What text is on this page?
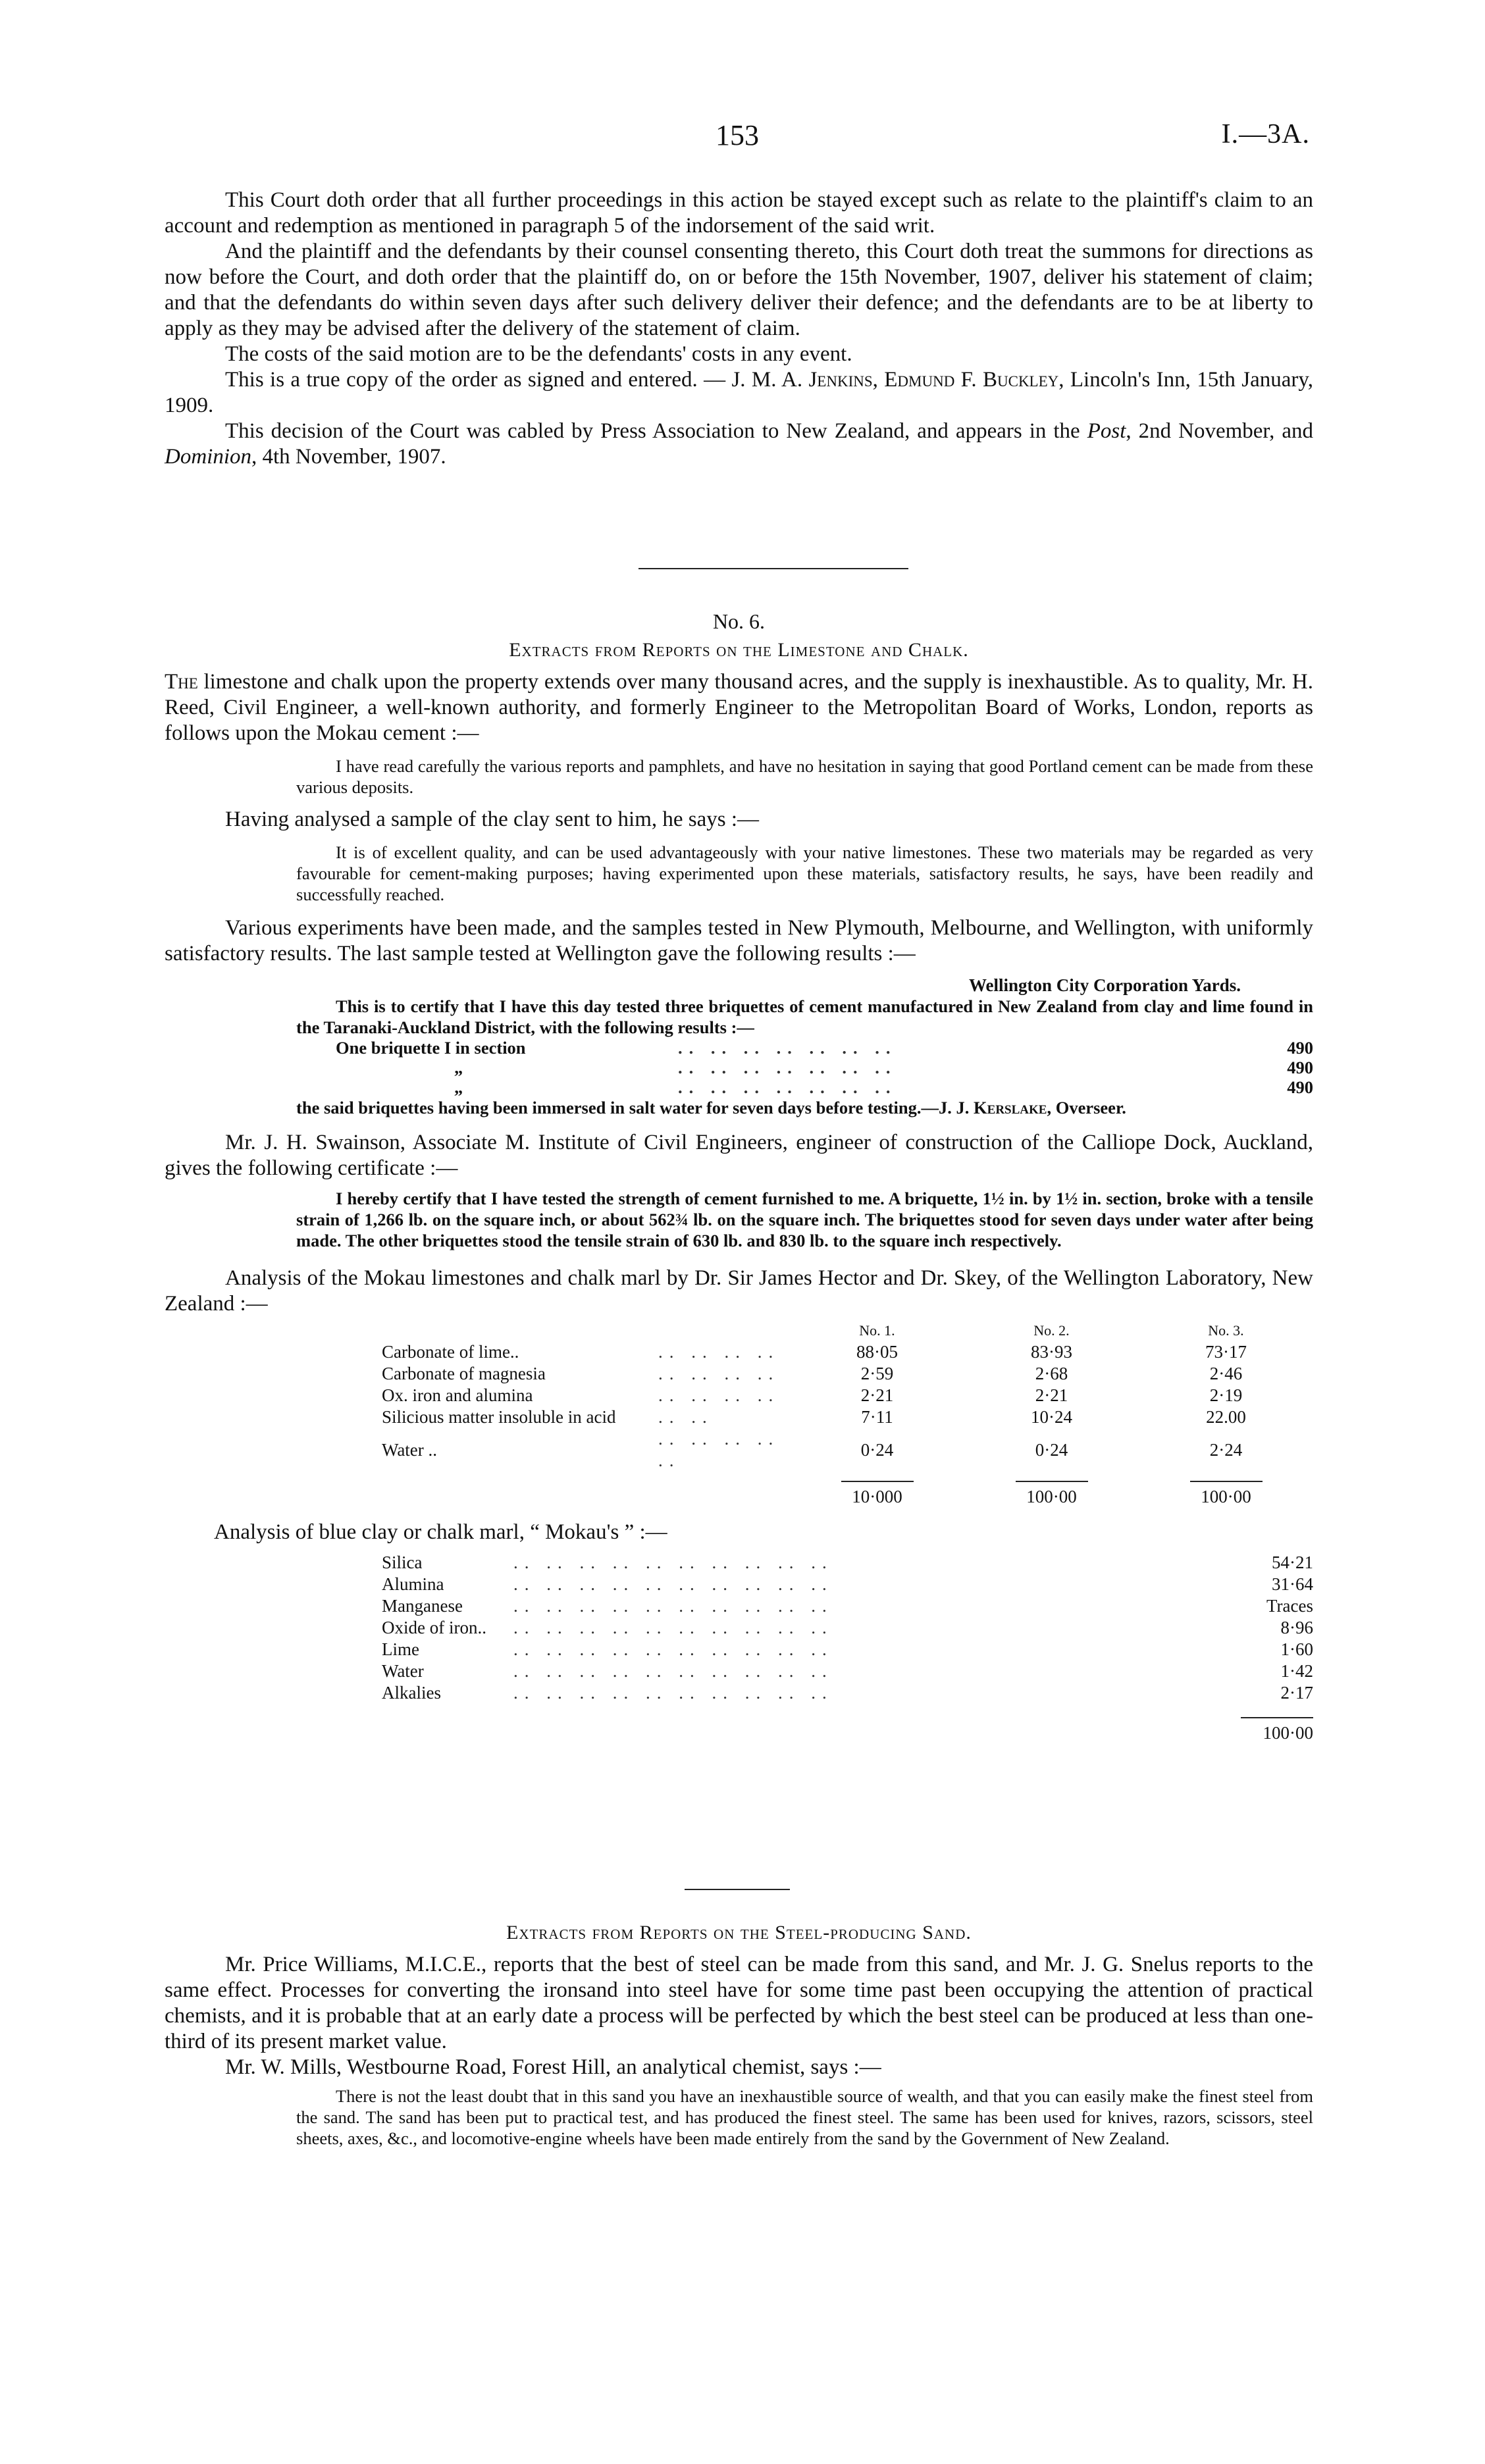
153	I.—3A.

This Court doth order that all further proceedings in this action be stayed except such as relate to the plaintiff's claim to an account and redemption as mentioned in paragraph 5 of the indorsement of the said writ.

And the plaintiff and the defendants by their counsel consenting thereto, this Court doth treat the summons for directions as now before the Court, and doth order that the plaintiff do, on or before the 15th November, 1907, deliver his statement of claim; and that the defendants do within seven days after such delivery deliver their defence; and the defendants are to be at liberty to apply as they may be advised after the delivery of the statement of claim.

The costs of the said motion are to be the defendants' costs in any event.

This is a true copy of the order as signed and entered. — J. M. A. Jenkins, Edmund F. Buckley, Lincoln's Inn, 15th January, 1909.

This decision of the Court was cabled by Press Association to New Zealand, and appears in the Post, 2nd November, and Dominion, 4th November, 1907.

No. 6.
Extracts from Reports on the Limestone and Chalk.

The limestone and chalk upon the property extends over many thousand acres, and the supply is inexhaustible. As to quality, Mr. H. Reed, Civil Engineer, a well-known authority, and formerly Engineer to the Metropolitan Board of Works, London, reports as follows upon the Mokau cement :—

I have read carefully the various reports and pamphlets, and have no hesitation in saying that good Portland cement can be made from these various deposits.

Having analysed a sample of the clay sent to him, he says :—

It is of excellent quality, and can be used advantageously with your native limestones. These two materials may be regarded as very favourable for cement-making purposes; having experimented upon these materials, satisfactory results, he says, have been readily and successfully reached.

Various experiments have been made, and the samples tested in New Plymouth, Melbourne, and Wellington, with uniformly satisfactory results. The last sample tested at Wellington gave the following results :—

Wellington City Corporation Yards.

This is to certify that I have this day tested three briquettes of cement manufactured in New Zealand from clay and lime found in the Taranaki-Auckland District, with the following results :—

One briquette I in section	.. .. .. .. .. .. ..	490
„	.. .. .. .. .. .. ..	490
„	.. .. .. .. .. .. ..	490

the said briquettes having been immersed in salt water for seven days before testing.—J. J. Kerslake, Overseer.

Mr. J. H. Swainson, Associate M. Institute of Civil Engineers, engineer of construction of the Calliope Dock, Auckland, gives the following certificate :—

I hereby certify that I have tested the strength of cement furnished to me. A briquette, 1½ in. by 1½ in. section, broke with a tensile strain of 1,266 lb. on the square inch, or about 562¾ lb. on the square inch. The briquettes stood for seven days under water after being made. The other briquettes stood the tensile strain of 630 lb. and 830 lb. to the square inch respectively.

Analysis of the Mokau limestones and chalk marl by Dr. Sir James Hector and Dr. Skey, of the Wellington Laboratory, New Zealand :—

		No. 1.	No. 2.	No. 3.
Carbonate of lime..	.. .. .. ..	88·05	83·93	73·17
Carbonate of magnesia	.. .. .. ..	2·59	2·68	2·46
Ox. iron and alumina	.. .. .. ..	2·21	2·21	2·19
Silicious matter insoluble in acid	.. ..	7·11	10·24	22.00
Water ..	.. .. .. .. ..	0·24	0·24	2·24
		10·000	100·00	100·00

Analysis of blue clay or chalk marl, “ Mokau's ” :—

Silica	.. .. .. .. .. .. .. .. .. ..	54·21
Alumina	.. .. .. .. .. .. .. .. .. ..	31·64
Manganese	.. .. .. .. .. .. .. .. .. ..	Traces
Oxide of iron..	.. .. .. .. .. .. .. .. .. ..	8·96
Lime	.. .. .. .. .. .. .. .. .. ..	1·60
Water	.. .. .. .. .. .. .. .. .. ..	1·42
Alkalies	.. .. .. .. .. .. .. .. .. ..	2·17
		100·00
Extracts from Reports on the Steel-producing Sand.

Mr. Price Williams, M.I.C.E., reports that the best of steel can be made from this sand, and Mr. J. G. Snelus reports to the same effect. Processes for converting the ironsand into steel have for some time past been occupying the attention of practical chemists, and it is probable that at an early date a process will be perfected by which the best steel can be produced at less than one-third of its present market value.

Mr. W. Mills, Westbourne Road, Forest Hill, an analytical chemist, says :—

There is not the least doubt that in this sand you have an inexhaustible source of wealth, and that you can easily make the finest steel from the sand. The sand has been put to practical test, and has produced the finest steel. The same has been used for knives, razors, scissors, steel sheets, axes, &c., and locomotive-engine wheels have been made entirely from the sand by the Government of New Zealand.
